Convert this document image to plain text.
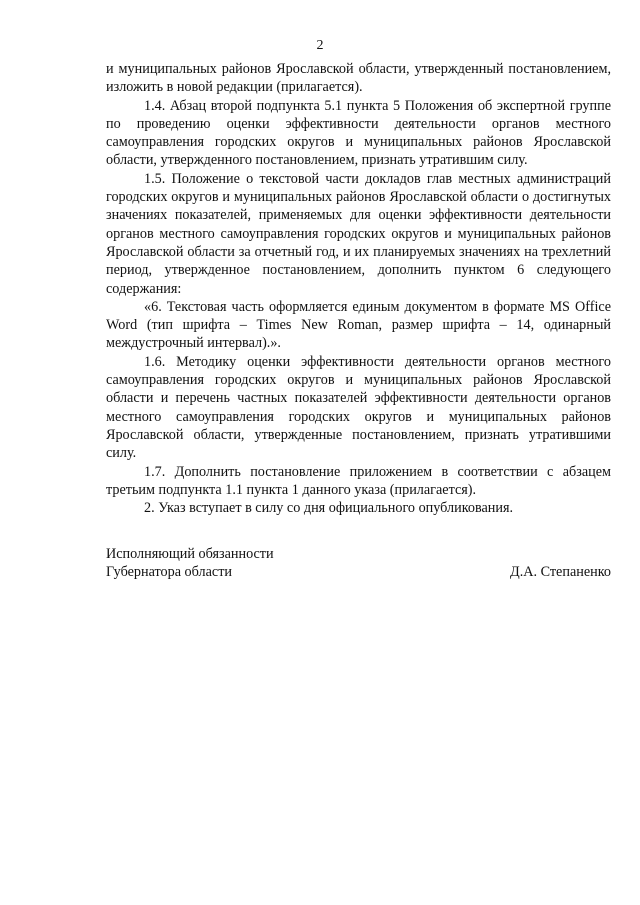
2

и муниципальных районов Ярославской области, утвержденный постановлением, изложить в новой редакции (прилагается).

1.4. Абзац второй подпункта 5.1 пункта 5 Положения об экспертной группе по проведению оценки эффективности деятельности органов местного самоуправления городских округов и муниципальных районов Ярославской области, утвержденного постановлением, признать утратившим силу.

1.5. Положение о текстовой части докладов глав местных администраций городских округов и муниципальных районов Ярославской области о достигнутых значениях показателей, применяемых для оценки эффективности деятельности органов местного самоуправления городских округов и муниципальных районов Ярославской области за отчетный год, и их планируемых значениях на трехлетний период, утвержденное постановлением, дополнить пунктом 6 следующего содержания:

«6. Текстовая часть оформляется единым документом в формате MS Office Word (тип шрифта – Times New Roman, размер шрифта – 14, одинарный междустрочный интервал).».

1.6. Методику оценки эффективности деятельности органов местного самоуправления городских округов и муниципальных районов Ярославской области и перечень частных показателей эффективности деятельности органов местного самоуправления городских округов и муниципальных районов Ярославской области, утвержденные постановлением, признать утратившими силу.

1.7. Дополнить постановление приложением в соответствии с абзацем третьим подпункта 1.1 пункта 1 данного указа (прилагается).

2. Указ вступает в силу со дня официального опубликования.

Исполняющий обязанности
Губернатора области	Д.А. Степаненко
